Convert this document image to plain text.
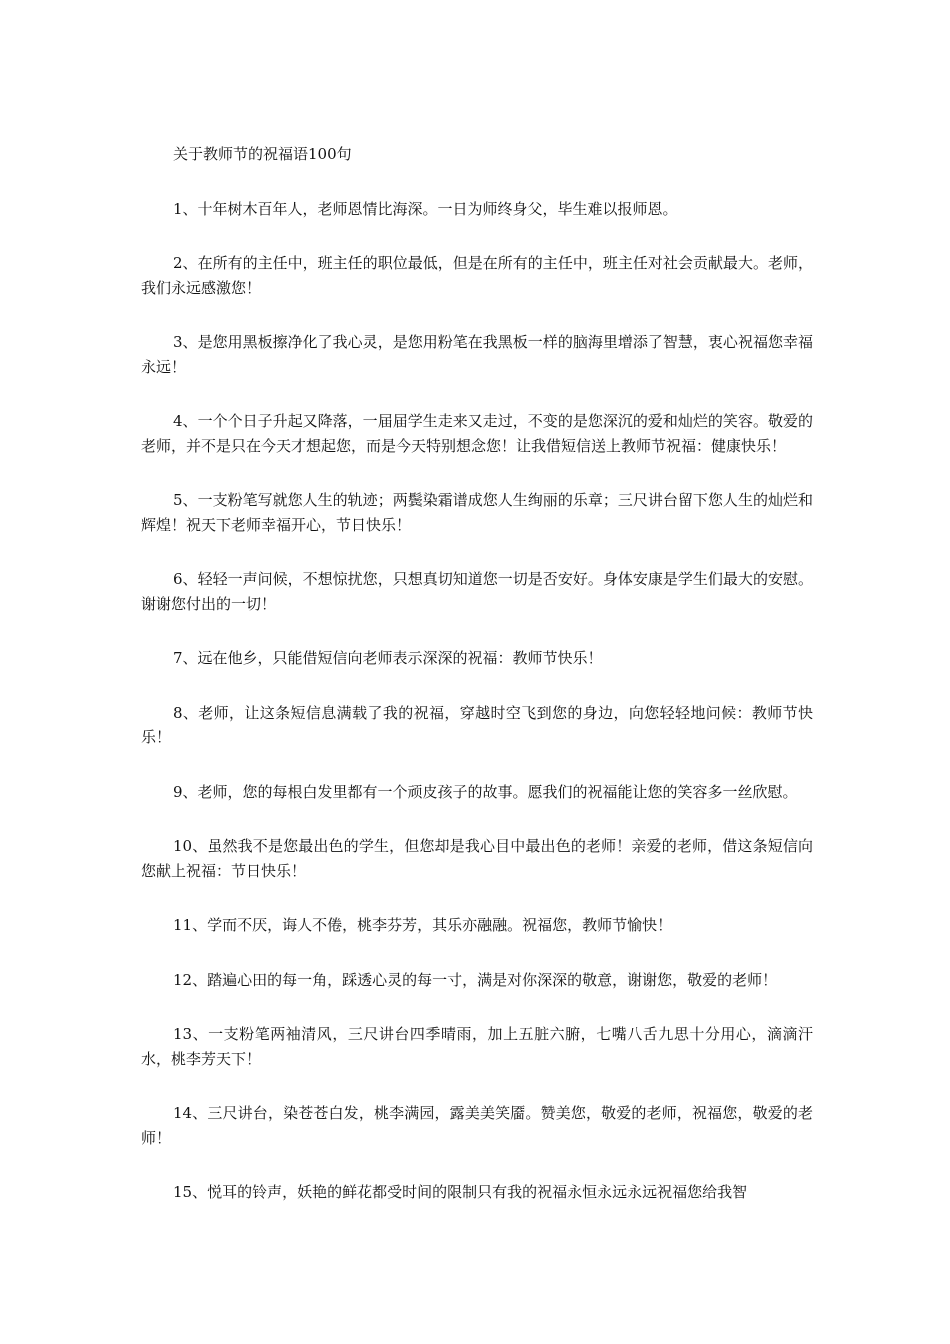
关于教师节的祝福语100句

1、十年树木百年人，老师恩情比海深。一日为师终身父，毕生难以报师恩。

2、在所有的主任中，班主任的职位最低，但是在所有的主任中，班主任对社会贡献最大。老师，我们永远感激您！

3、是您用黑板擦净化了我心灵，是您用粉笔在我黑板一样的脑海里增添了智慧，衷心祝福您幸福永远！

4、一个个日子升起又降落，一届届学生走来又走过，不变的是您深沉的爱和灿烂的笑容。敬爱的老师，并不是只在今天才想起您，而是今天特别想念您！让我借短信送上教师节祝福：健康快乐！

5、一支粉笔写就您人生的轨迹；两鬓染霜谱成您人生绚丽的乐章；三尺讲台留下您人生的灿烂和辉煌！祝天下老师幸福开心，节日快乐！

6、轻轻一声问候，不想惊扰您，只想真切知道您一切是否安好。身体安康是学生们最大的安慰。谢谢您付出的一切！

7、远在他乡，只能借短信向老师表示深深的祝福：教师节快乐！

8、老师，让这条短信息满载了我的祝福，穿越时空飞到您的身边，向您轻轻地问候：教师节快乐！

9、老师，您的每根白发里都有一个顽皮孩子的故事。愿我们的祝福能让您的笑容多一丝欣慰。

10、虽然我不是您最出色的学生，但您却是我心目中最出色的老师！亲爱的老师，借这条短信向您献上祝福：节日快乐！

11、学而不厌，诲人不倦，桃李芬芳，其乐亦融融。祝福您，教师节愉快！

12、踏遍心田的每一角，踩透心灵的每一寸，满是对你深深的敬意，谢谢您，敬爱的老师！

13、一支粉笔两袖清风，三尺讲台四季晴雨，加上五脏六腑，七嘴八舌九思十分用心，滴滴汗水，桃李芳天下！

14、三尺讲台，染苍苍白发，桃李满园，露美美笑靥。赞美您，敬爱的老师，祝福您，敬爱的老师！

15、悦耳的铃声，妖艳的鲜花都受时间的限制只有我的祝福永恒永远永远祝福您给我智
